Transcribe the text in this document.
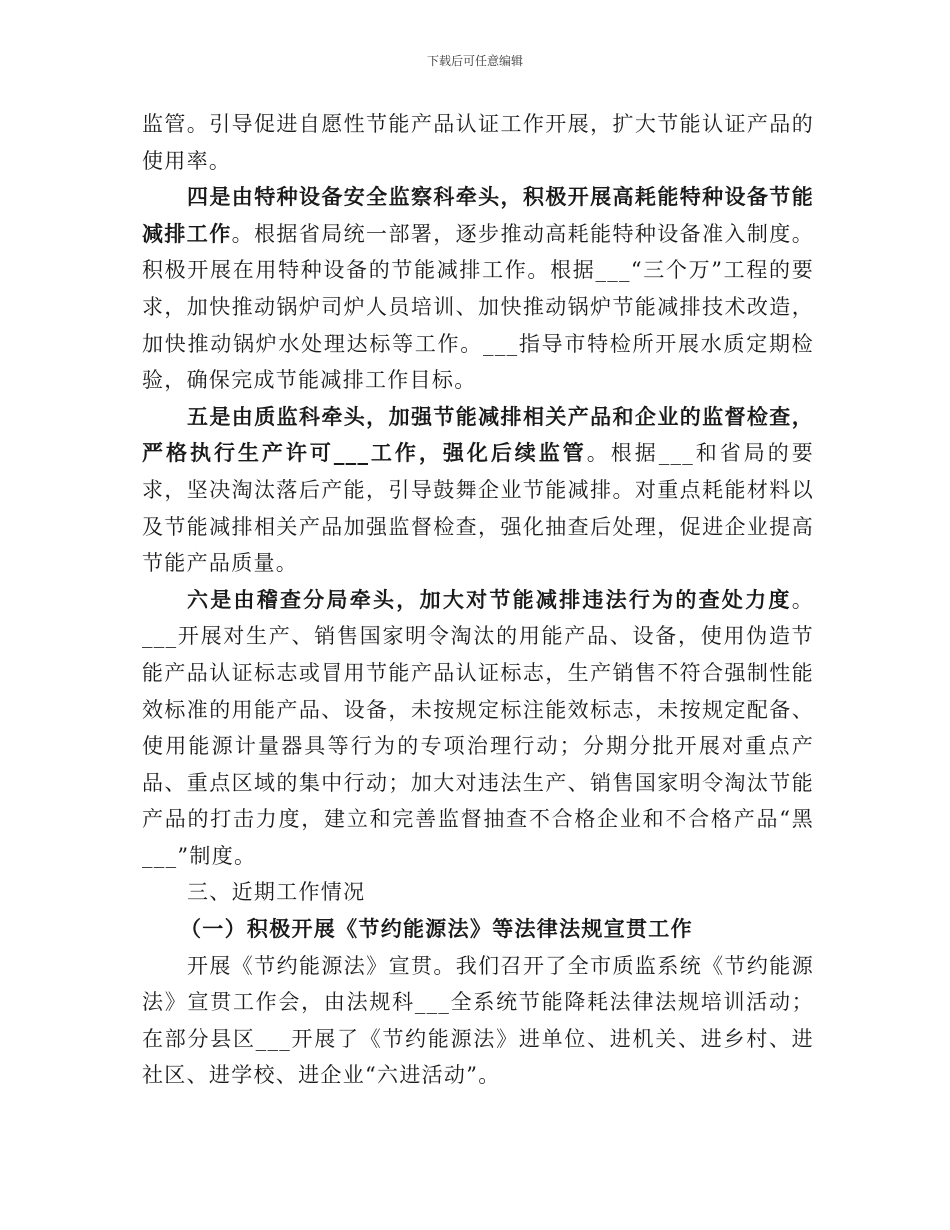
下载后可任意编辑

监管。引导促进自愿性节能产品认证工作开展，扩大节能认证产品的使用率。

四是由特种设备安全监察科牵头，积极开展高耗能特种设备节能减排工作。根据省局统一部署，逐步推动高耗能特种设备准入制度。积极开展在用特种设备的节能减排工作。根据___“三个万”工程的要求，加快推动锅炉司炉人员培训、加快推动锅炉节能减排技术改造，加快推动锅炉水处理达标等工作。___指导市特检所开展水质定期检验，确保完成节能减排工作目标。

五是由质监科牵头，加强节能减排相关产品和企业的监督检查，严格执行生产许可___工作，强化后续监管。根据___和省局的要求，坚决淘汰落后产能，引导鼓舞企业节能减排。对重点耗能材料以及节能减排相关产品加强监督检查，强化抽查后处理，促进企业提高节能产品质量。

六是由稽查分局牵头，加大对节能减排违法行为的查处力度。___开展对生产、销售国家明令淘汰的用能产品、设备，使用伪造节能产品认证标志或冒用节能产品认证标志，生产销售不符合强制性能效标准的用能产品、设备，未按规定标注能效标志，未按规定配备、使用能源计量器具等行为的专项治理行动；分期分批开展对重点产品、重点区域的集中行动；加大对违法生产、销售国家明令淘汰节能产品的打击力度，建立和完善监督抽查不合格企业和不合格产品“黑___”制度。

三、近期工作情况

（一）积极开展《节约能源法》等法律法规宣贯工作

开展《节约能源法》宣贯。我们召开了全市质监系统《节约能源法》宣贯工作会，由法规科___全系统节能降耗法律法规培训活动；在部分县区___开展了《节约能源法》进单位、进机关、进乡村、进社区、进学校、进企业“六进活动”。
